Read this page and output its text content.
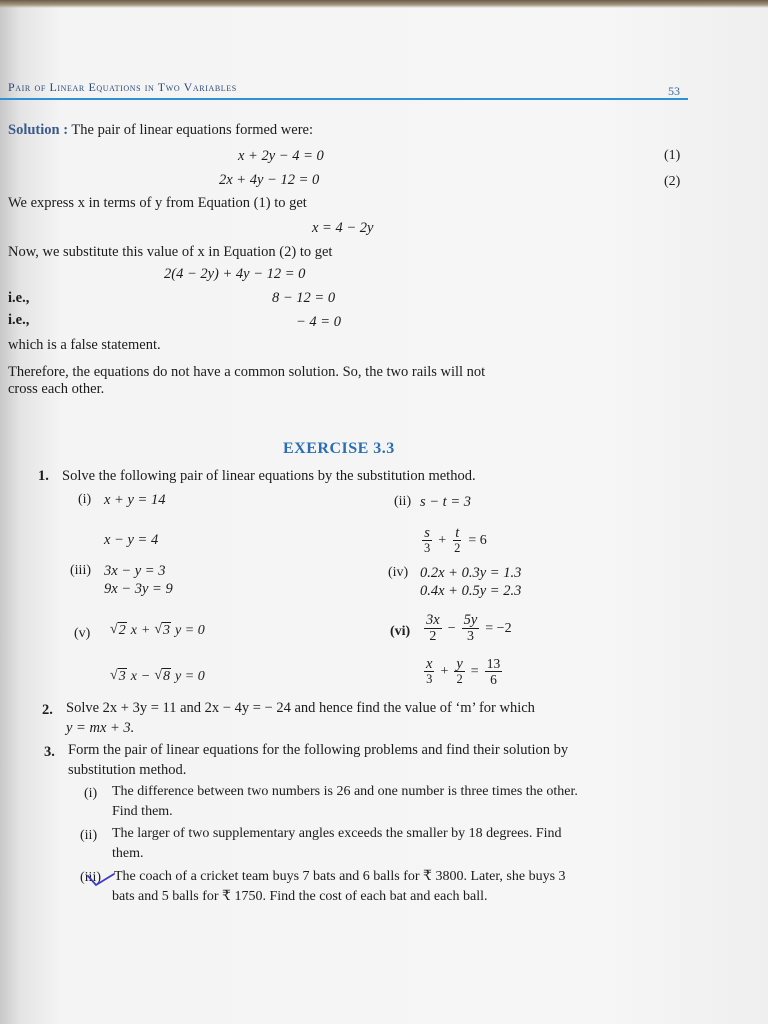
Pair of Linear Equations in Two Variables	53
Solution : The pair of linear equations formed were:
x + 2y − 4 = 0	(1)
2x + 4y − 12 = 0	(2)
We express x in terms of y from Equation (1) to get
x = 4 − 2y
Now, we substitute this value of x in Equation (2) to get
2(4 − 2y) + 4y − 12 = 0
i.e.,	8 − 12 = 0
i.e.,	− 4 = 0
which is a false statement.
Therefore, the equations do not have a common solution. So, the two rails will not
cross each other.
EXERCISE 3.3
1. Solve the following pair of linear equations by the substitution method.
(i) x + y = 14
x − y = 4
(ii) s − t = 3
$\frac{s}{3} + \frac{t}{2} = 6$
(iii) 3x − y = 3
9x − 3y = 9
(iv) 0.2x + 0.3y = 1.3
0.4x + 0.5y = 2.3
(v) √ 2 x + √ 3 y = 0
√ 3 x − √ 8 y = 0
$(vi) \frac{3x}{2} - \frac{5y}{3} = -2$
$\frac{x}{3} + \frac{y}{2} = \frac{13}{6}$
2. Solve 2x + 3y = 11 and 2x − 4y = − 24 and hence find the value of ‘m’ for which
y = mx + 3.
3. Form the pair of linear equations for the following problems and find their solution by
substitution method.
(i) The difference between two numbers is 26 and one number is three times the other.
Find them.
(ii) The larger of two supplementary angles exceeds the smaller by 18 degrees. Find
them.
(iii) The coach of a cricket team buys 7 bats and 6 balls for ₹ 3800. Later, she buys 3
bats and 5 balls for ₹ 1750. Find the cost of each bat and each ball.
